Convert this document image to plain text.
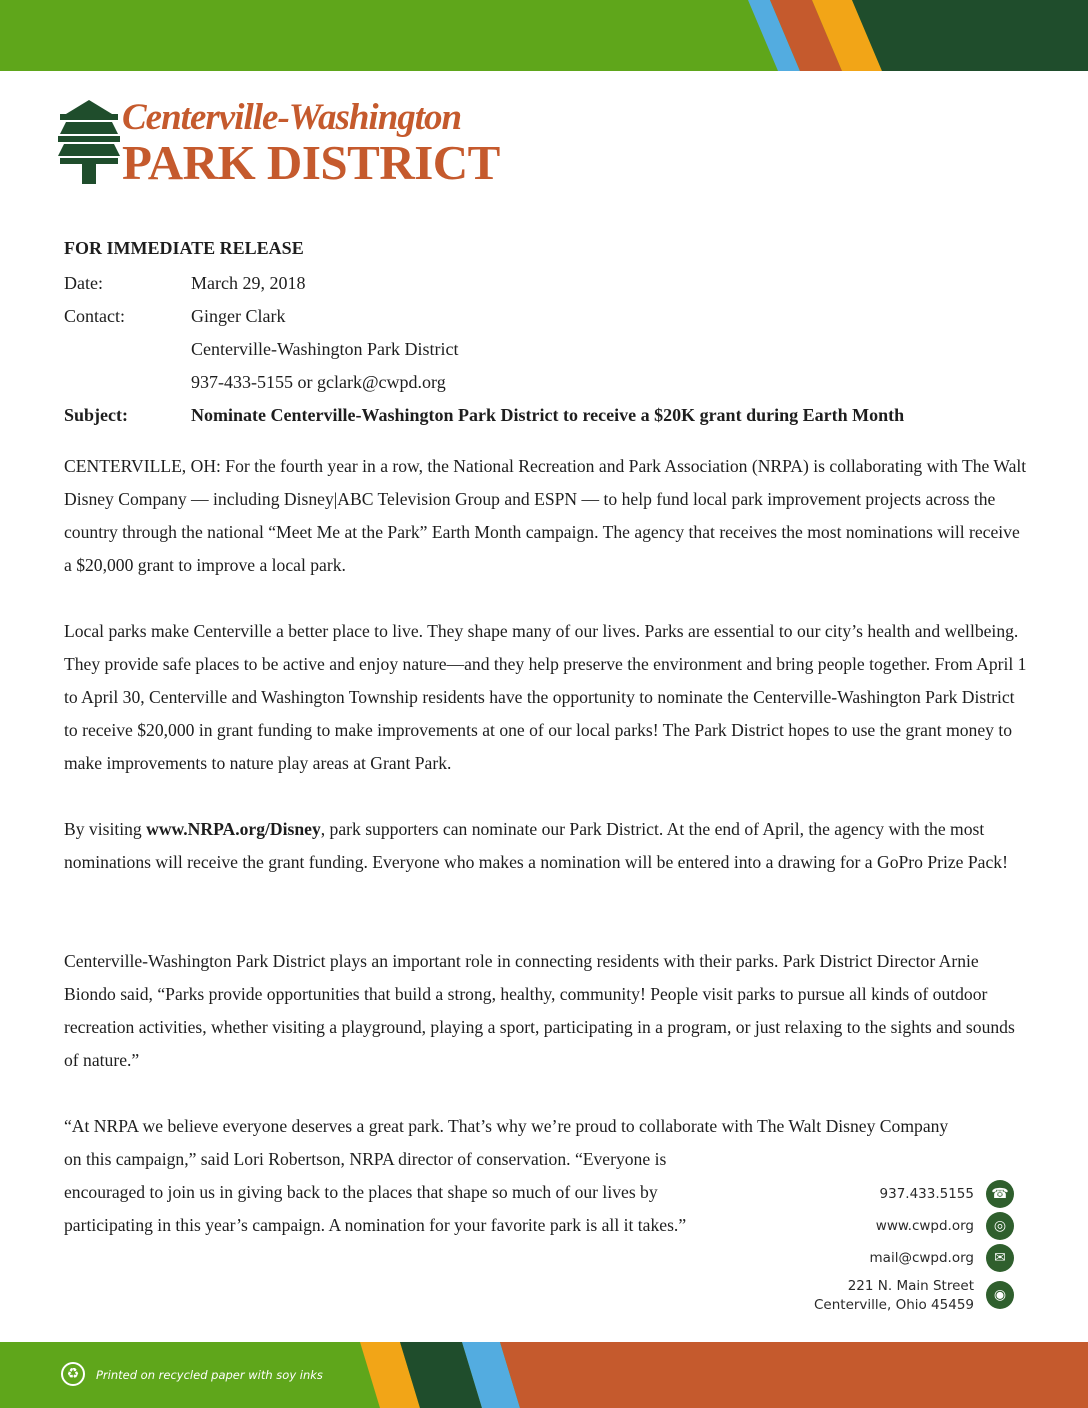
Centerville-Washington
PARK DISTRICT
FOR IMMEDIATE RELEASE
Date:	March 29, 2018
Contact:	Ginger Clark
Centerville-Washington Park District
937-433-5155 or gclark@cwpd.org
Subject:	Nominate Centerville-Washington Park District to receive a $20K grant during Earth Month

CENTERVILLE, OH: For the fourth year in a row, the National Recreation and Park Association (NRPA) is collaborating with The Walt Disney Company — including Disney|ABC Television Group and ESPN — to help fund local park improvement projects across the country through the national “Meet Me at the Park” Earth Month campaign. The agency that receives the most nominations will receive a $20,000 grant to improve a local park.

Local parks make Centerville a better place to live. They shape many of our lives. Parks are essential to our city’s health and wellbeing. They provide safe places to be active and enjoy nature—and they help preserve the environment and bring people together. From April 1 to April 30, Centerville and Washington Township residents have the opportunity to nominate the Centerville-Washington Park District to receive $20,000 in grant funding to make improvements at one of our local parks! The Park District hopes to use the grant money to make improvements to nature play areas at Grant Park.

By visiting www.NRPA.org/Disney, park supporters can nominate our Park District. At the end of April, the agency with the most nominations will receive the grant funding. Everyone who makes a nomination will be entered into a drawing for a GoPro Prize Pack!

Centerville-Washington Park District plays an important role in connecting residents with their parks. Park District Director Arnie Biondo said, “Parks provide opportunities that build a strong, healthy, community! People visit parks to pursue all kinds of outdoor recreation activities, whether visiting a playground, playing a sport, participating in a program, or just relaxing to the sights and sounds of nature.”

“At NRPA we believe everyone deserves a great park. That’s why we’re proud to collaborate with The Walt Disney Company

on this campaign,” said Lori Robertson, NRPA director of conservation. “Everyone is encouraged to join us in giving back to the places that shape so much of our lives by participating in this year’s campaign. A nomination for your favorite park is all it takes.”

937.433.5155	☎
www.cwpd.org	◎
mail@cwpd.org	✉
221 N. Main Street
Centerville, Ohio 45459
◉
♻	Printed on recycled paper with soy inks
